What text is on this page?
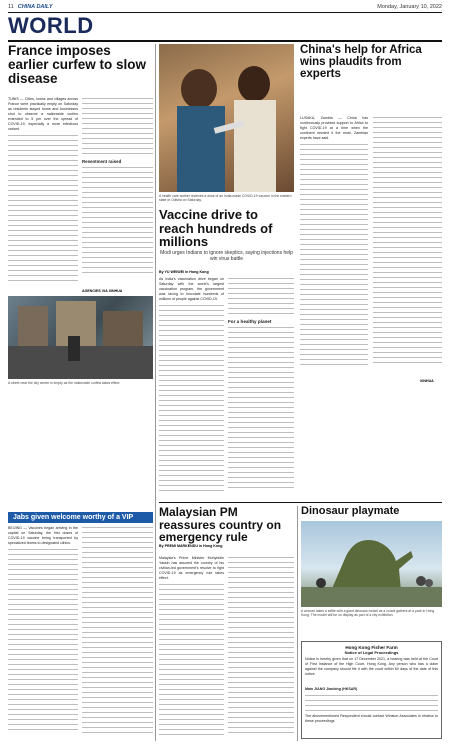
11 CHINA DAILY	Monday, January 10, 2022
WORLD
France imposes earlier curfew to slow disease
TUNIS — Cities, towns and villages across France were practically empty on Saturday as residents stayed home and businesses shut to observe a nationwide curfew extended to 5 pm over the spread of COVID-19, especially a more infectious variant.
Resentment raised
AGENCIES VIA XINHUA
A street near the city center is empty as the nationwide curfew takes effect.
Jabs given welcome worthy of a VIP
BEIJING — Vaccines began arriving in the capital on Saturday, the first doses of COVID-19 vaccine being transported by specialized teams to designated clinics.
China's help for Africa wins plaudits from experts
LUSAKA, Zambia — China has continuously provided support to Africa to fight COVID-19 at a time when the continent needed it the most, Zambian experts have said.
XINHUA
A health care worker receives a dose of an India-made COVID-19 vaccine in the eastern state of Odisha on Saturday.
Vaccine drive to reach hundreds of millions
Modi urges Indians to ignore skeptics, saying injections help win virus battle
By YU WEIWEI in Hong Kong
As India's vaccination drive began on Saturday with the world's largest vaccination program, the government was racing to inoculate hundreds of millions of people against COVID-19.
For a healthy planet
Malaysian PM reassures country on emergency rule
By PREMI MARKENDU in Hong Kong
Malaysia's Prime Minister Muhyiddin Yassin has assured the country of his civilian-led government's resolve to fight COVID-19 as emergency rule takes effect.
Dinosaur playmate
A woman takes a selfie with a giant dinosaur model as a crowd gathers at a park in Hong Kong. The model will be on display as part of a city exhibition.
Hong Kong Fisher Farm
Notice of Legal Proceedings
Notice is hereby given that on 17 December 2021, a hearing was held at the Court of First Instance of the High Court, Hong Kong. Any person who has a claim against the company should file it with the court within 60 days of the date of this notice.
Main JIANG Jianbing (HKSAR)
The abovementioned Respondent should contact Winston Associates in relation to these proceedings.
